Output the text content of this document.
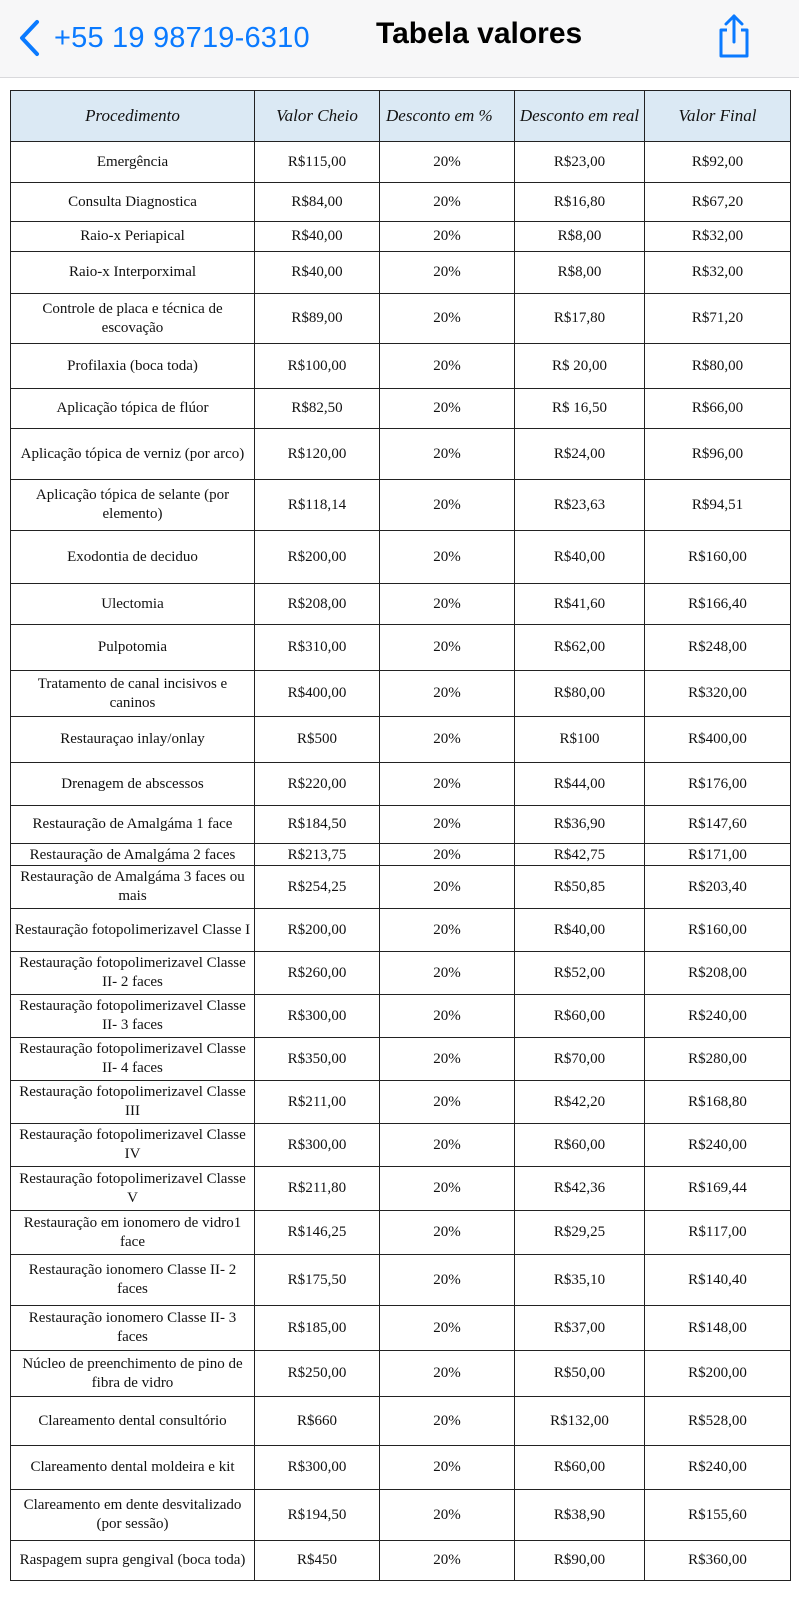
+55 19 98719-6310 Tabela valores
Procedimento	Valor Cheio	Desconto em %	Desconto em real	Valor Final
Emergência	R$115,00	20%	R$23,00	R$92,00
Consulta Diagnostica	R$84,00	20%	R$16,80	R$67,20
Raio-x Periapical	R$40,00	20%	R$8,00	R$32,00
Raio-x Interporximal	R$40,00	20%	R$8,00	R$32,00
Controle de placa e técnica de escovação	R$89,00	20%	R$17,80	R$71,20
Profilaxia (boca toda)	R$100,00	20%	R$ 20,00	R$80,00
Aplicação tópica de flúor	R$82,50	20%	R$ 16,50	R$66,00
Aplicação tópica de verniz (por arco)	R$120,00	20%	R$24,00	R$96,00
Aplicação tópica de selante (por elemento)	R$118,14	20%	R$23,63	R$94,51
Exodontia de deciduo	R$200,00	20%	R$40,00	R$160,00
Ulectomia	R$208,00	20%	R$41,60	R$166,40
Pulpotomia	R$310,00	20%	R$62,00	R$248,00
Tratamento de canal incisivos e caninos	R$400,00	20%	R$80,00	R$320,00
Restauraçao inlay/onlay	R$500	20%	R$100	R$400,00
Drenagem de abscessos	R$220,00	20%	R$44,00	R$176,00
Restauração de Amalgáma 1 face	R$184,50	20%	R$36,90	R$147,60
Restauração de Amalgáma 2 faces	R$213,75	20%	R$42,75	R$171,00
Restauração de Amalgáma 3 faces ou mais	R$254,25	20%	R$50,85	R$203,40
Restauração fotopolimerizavel Classe I	R$200,00	20%	R$40,00	R$160,00
Restauração fotopolimerizavel Classe II- 2 faces	R$260,00	20%	R$52,00	R$208,00
Restauração fotopolimerizavel Classe II- 3 faces	R$300,00	20%	R$60,00	R$240,00
Restauração fotopolimerizavel Classe II- 4 faces	R$350,00	20%	R$70,00	R$280,00
Restauração fotopolimerizavel Classe III	R$211,00	20%	R$42,20	R$168,80
Restauração fotopolimerizavel Classe IV	R$300,00	20%	R$60,00	R$240,00
Restauração fotopolimerizavel Classe V	R$211,80	20%	R$42,36	R$169,44
Restauração em ionomero de vidro1 face	R$146,25	20%	R$29,25	R$117,00
Restauração ionomero Classe II- 2 faces	R$175,50	20%	R$35,10	R$140,40
Restauração ionomero Classe II- 3 faces	R$185,00	20%	R$37,00	R$148,00
Núcleo de preenchimento de pino de fibra de vidro	R$250,00	20%	R$50,00	R$200,00
Clareamento dental consultório	R$660	20%	R$132,00	R$528,00
Clareamento dental moldeira e kit	R$300,00	20%	R$60,00	R$240,00
Clareamento em dente desvitalizado (por sessão)	R$194,50	20%	R$38,90	R$155,60
Raspagem supra gengival (boca toda)	R$450	20%	R$90,00	R$360,00
